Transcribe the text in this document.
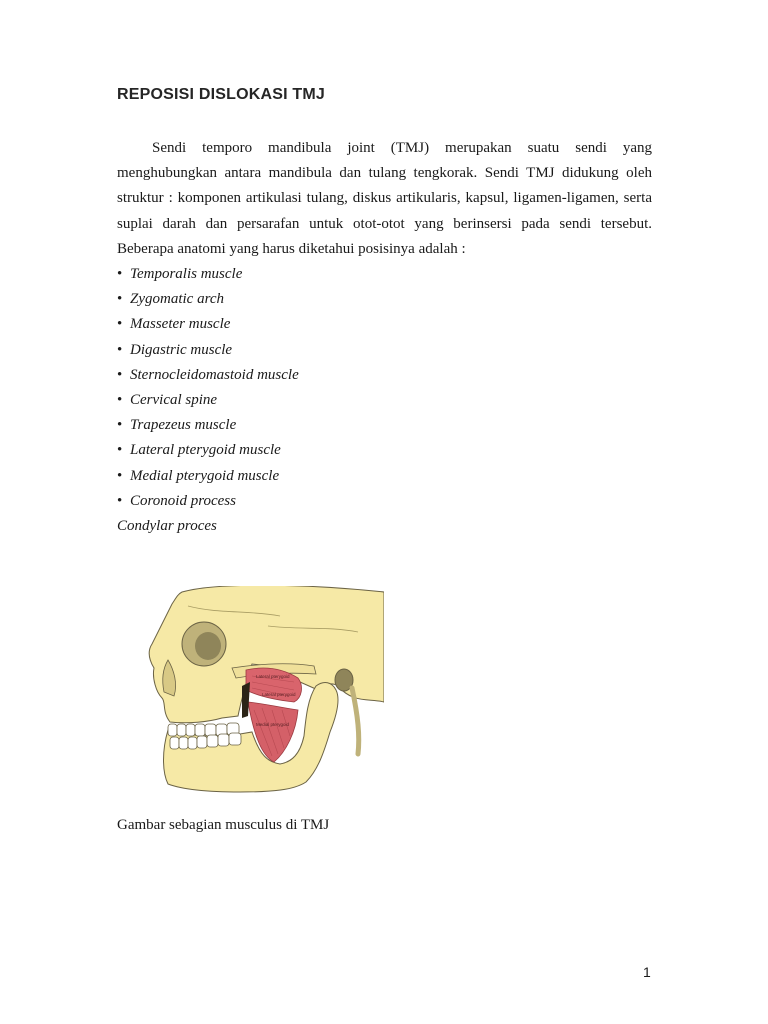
REPOSISI DISLOKASI TMJ

Sendi temporo mandibula joint (TMJ) merupakan suatu sendi yang menghubungkan antara mandibula dan tulang tengkorak. Sendi TMJ didukung oleh struktur : komponen artikulasi tulang, diskus artikularis, kapsul, ligamen-ligamen, serta suplai darah dan persarafan untuk otot-otot yang berinsersi pada sendi tersebut. Beberapa anatomi yang harus diketahui posisinya adalah :

• Temporalis muscle
• Zygomatic arch
• Masseter muscle
• Digastric muscle
• Sternocleidomastoid muscle
• Cervical spine
• Trapezeus muscle
• Lateral pterygoid muscle
• Medial pterygoid muscle
• Coronoid process
Condylar proces
Lateral pterygoid
Lateral pterygoid
Medial pterygoid
Gambar sebagian musculus di TMJ
1
